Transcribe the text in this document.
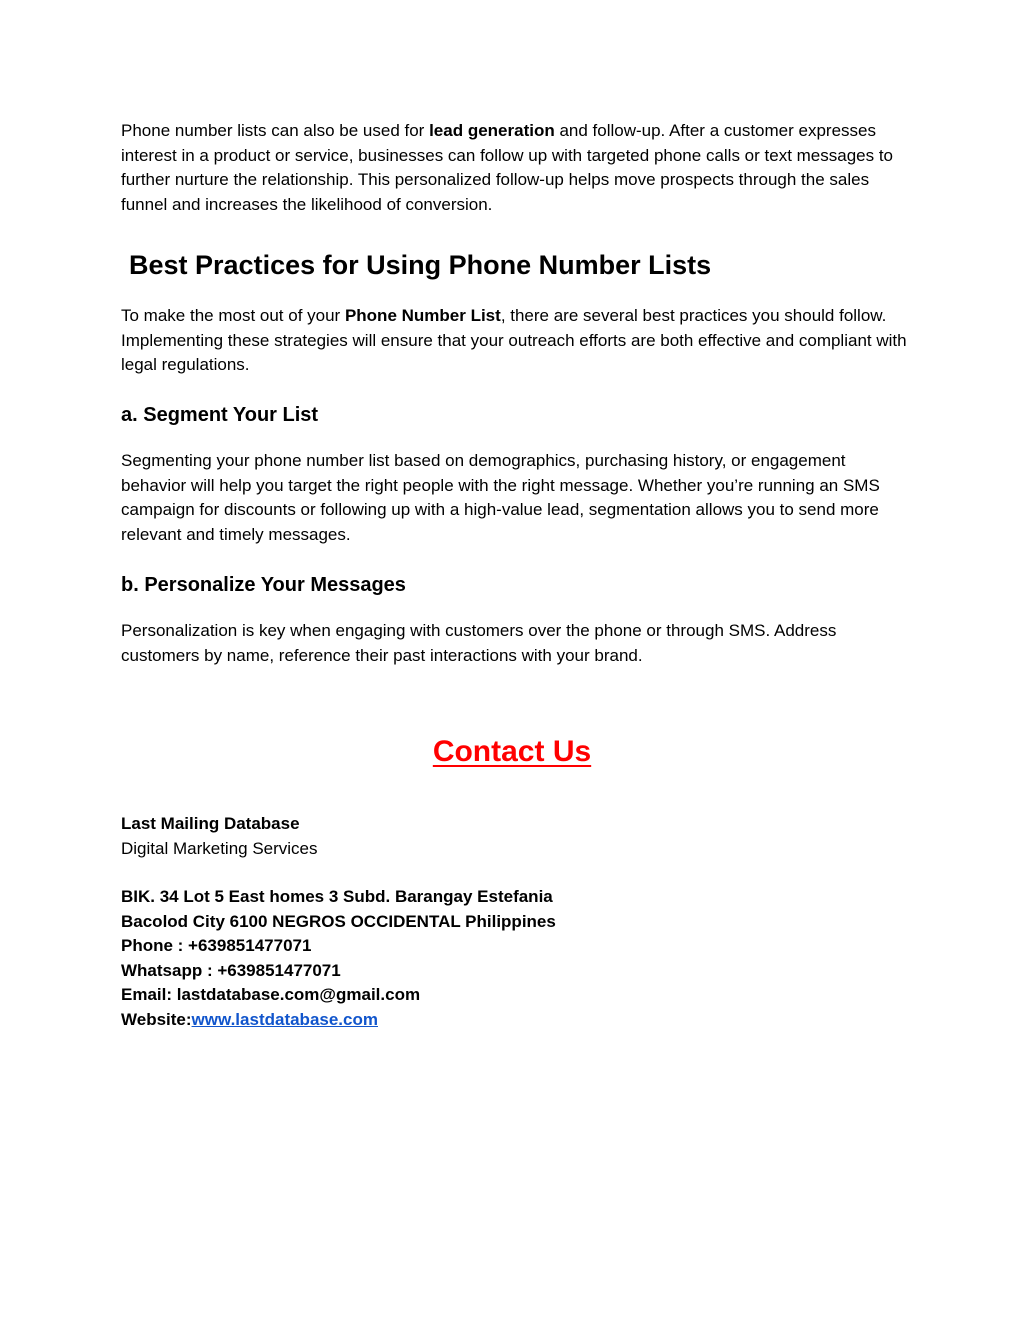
Phone number lists can also be used for lead generation and follow-up. After a customer expresses interest in a product or service, businesses can follow up with targeted phone calls or text messages to further nurture the relationship. This personalized follow-up helps move prospects through the sales funnel and increases the likelihood of conversion.

Best Practices for Using Phone Number Lists

To make the most out of your Phone Number List, there are several best practices you should follow. Implementing these strategies will ensure that your outreach efforts are both effective and compliant with legal regulations.

a. Segment Your List

Segmenting your phone number list based on demographics, purchasing history, or engagement behavior will help you target the right people with the right message. Whether you’re running an SMS campaign for discounts or following up with a high-value lead, segmentation allows you to send more relevant and timely messages.

b. Personalize Your Messages

Personalization is key when engaging with customers over the phone or through SMS. Address customers by name, reference their past interactions with your brand.

Contact Us
Last Mailing Database
Digital Marketing Services
BIK. 34 Lot 5 East homes 3 Subd. Barangay Estefania
Bacolod City 6100 NEGROS OCCIDENTAL Philippines
Phone : +639851477071
Whatsapp : +639851477071
Email: lastdatabase.com@gmail.com
Website:www.lastdatabase.com
